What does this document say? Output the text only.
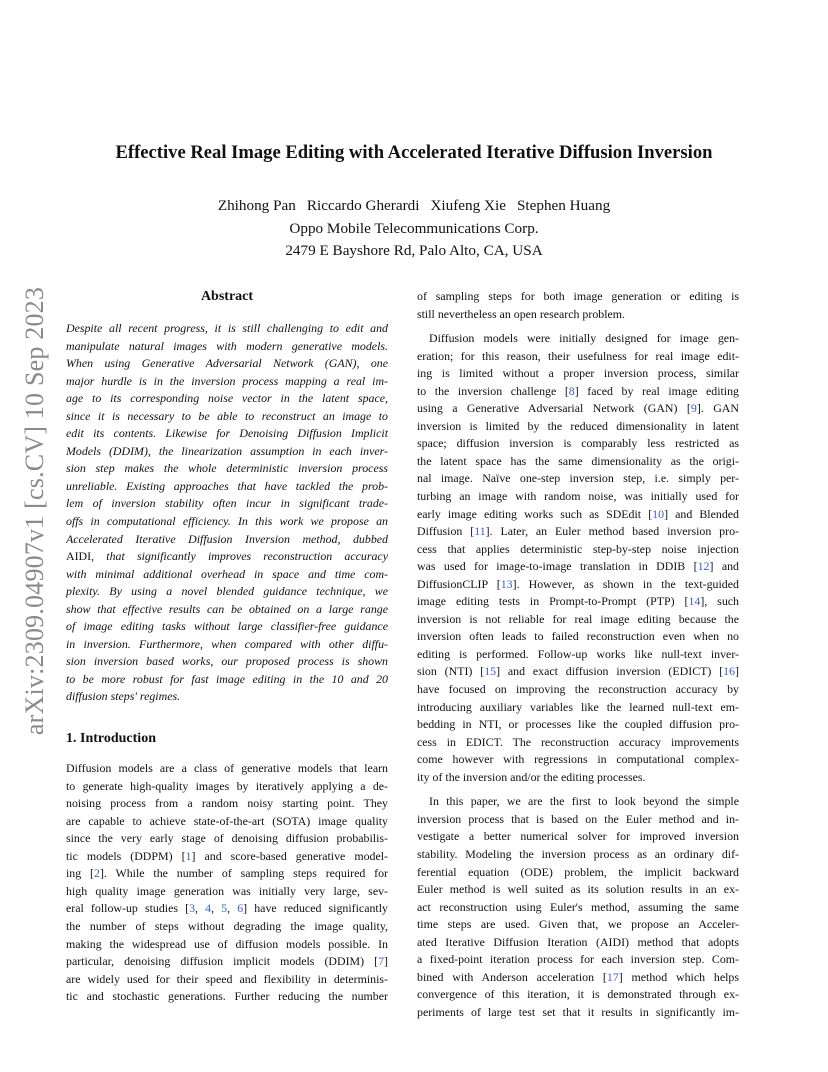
Effective Real Image Editing with Accelerated Iterative Diffusion Inversion
Zhihong Pan Riccardo Gherardi Xiufeng Xie Stephen Huang
Oppo Mobile Telecommunications Corp.
2479 E Bayshore Rd, Palo Alto, CA, USA
arXiv:2309.04907v1 [cs.CV] 10 Sep 2023	Abstract
Despite all recent progress, it is still challenging to edit and
manipulate natural images with modern generative models.
When using Generative Adversarial Network (GAN), one
major hurdle is in the inversion process mapping a real im-
age to its corresponding noise vector in the latent space,
since it is necessary to be able to reconstruct an image to
edit its contents. Likewise for Denoising Diffusion Implicit
Models (DDIM), the linearization assumption in each inver-
sion step makes the whole deterministic inversion process
unreliable. Existing approaches that have tackled the prob-
lem of inversion stability often incur in significant trade-
offs in computational efficiency. In this work we propose an
Accelerated Iterative Diffusion Inversion method, dubbed
AIDI, that significantly improves reconstruction accuracy
with minimal additional overhead in space and time com-
plexity. By using a novel blended guidance technique, we
show that effective results can be obtained on a large range
of image editing tasks without large classifier-free guidance
in inversion. Furthermore, when compared with other diffu-
sion inversion based works, our proposed process is shown
to be more robust for fast image editing in the 10 and 20
diffusion steps' regimes.
1. Introduction
Diffusion models are a class of generative models that learn
to generate high-quality images by iteratively applying a de-
noising process from a random noisy starting point. They
are capable to achieve state-of-the-art (SOTA) image quality
since the very early stage of denoising diffusion probabilis-
tic models (DDPM) [1] and score-based generative model-
ing [2]. While the number of sampling steps required for
high quality image generation was initially very large, sev-
eral follow-up studies [3, 4, 5, 6] have reduced significantly
the number of steps without degrading the image quality,
making the widespread use of diffusion models possible. In
particular, denoising diffusion implicit models (DDIM) [7]
are widely used for their speed and flexibility in determinis-
tic and stochastic generations. Further reducing the number
of sampling steps for both image generation or editing is
still nevertheless an open research problem.
Diffusion models were initially designed for image gen-
eration; for this reason, their usefulness for real image edit-
ing is limited without a proper inversion process, similar
to the inversion challenge [8] faced by real image editing
using a Generative Adversarial Network (GAN) [9]. GAN
inversion is limited by the reduced dimensionality in latent
space; diffusion inversion is comparably less restricted as
the latent space has the same dimensionality as the origi-
nal image. Naïve one-step inversion step, i.e. simply per-
turbing an image with random noise, was initially used for
early image editing works such as SDEdit [10] and Blended
Diffusion [11]. Later, an Euler method based inversion pro-
cess that applies deterministic step-by-step noise injection
was used for image-to-image translation in DDIB [12] and
DiffusionCLIP [13]. However, as shown in the text-guided
image editing tests in Prompt-to-Prompt (PTP) [14], such
inversion is not reliable for real image editing because the
inversion often leads to failed reconstruction even when no
editing is performed. Follow-up works like null-text inver-
sion (NTI) [15] and exact diffusion inversion (EDICT) [16]
have focused on improving the reconstruction accuracy by
introducing auxiliary variables like the learned null-text em-
bedding in NTI, or processes like the coupled diffusion pro-
cess in EDICT. The reconstruction accuracy improvements
come however with regressions in computational complex-
ity of the inversion and/or the editing processes.
In this paper, we are the first to look beyond the simple
inversion process that is based on the Euler method and in-
vestigate a better numerical solver for improved inversion
stability. Modeling the inversion process as an ordinary dif-
ferential equation (ODE) problem, the implicit backward
Euler method is well suited as its solution results in an ex-
act reconstruction using Euler's method, assuming the same
time steps are used. Given that, we propose an Acceler-
ated Iterative Diffusion Iteration (AIDI) method that adopts
a fixed-point iteration process for each inversion step. Com-
bined with Anderson acceleration [17] method which helps
convergence of this iteration, it is demonstrated through ex-
periments of large test set that it results in significantly im-
